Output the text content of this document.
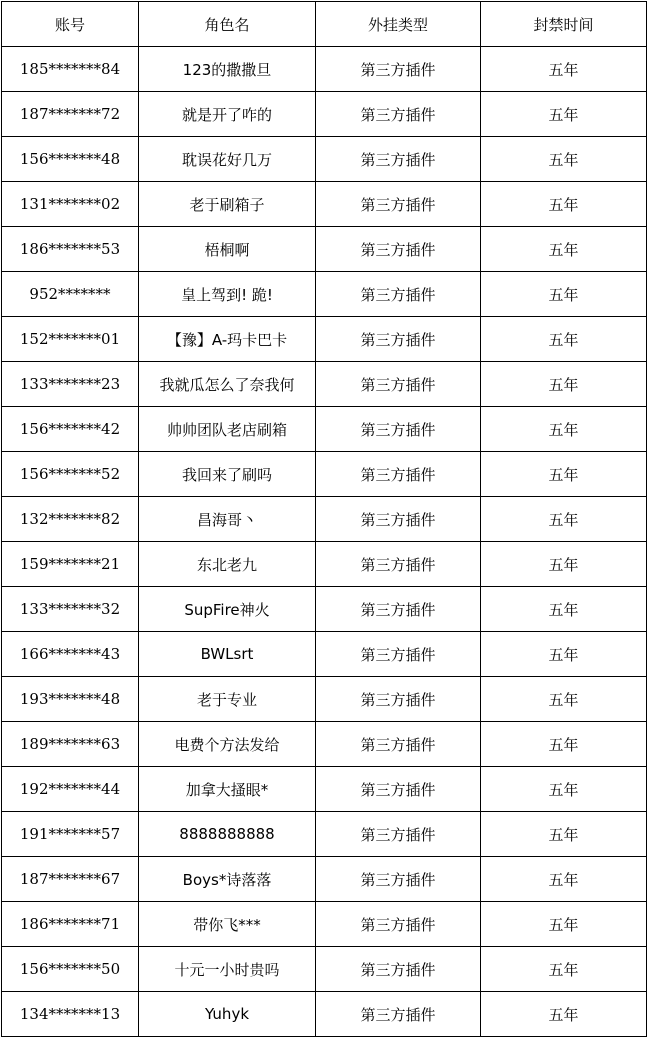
账号	角色名	外挂类型	封禁时间
185*******84	123的撒撒旦	第三方插件	五年
187*******72	就是开了咋的	第三方插件	五年
156*******48	耽误花好几万	第三方插件	五年
131*******02	老于刷箱子	第三方插件	五年
186*******53	梧桐啊	第三方插件	五年
952*******	皇上驾到! 跪!	第三方插件	五年
152*******01	【豫】A-玛卡巴卡	第三方插件	五年
133*******23	我就瓜怎么了奈我何	第三方插件	五年
156*******42	帅帅团队老店刷箱	第三方插件	五年
156*******52	我回来了刷吗	第三方插件	五年
132*******82	昌海哥丶	第三方插件	五年
159*******21	东北老九	第三方插件	五年
133*******32	SupFire神火	第三方插件	五年
166*******43	BWLsrt	第三方插件	五年
193*******48	老于专业	第三方插件	五年
189*******63	电费个方法发给	第三方插件	五年
192*******44	加拿大搔眼*	第三方插件	五年
191*******57	8888888888	第三方插件	五年
187*******67	Boys*诗落落	第三方插件	五年
186*******71	带你飞***	第三方插件	五年
156*******50	十元一小时贵吗	第三方插件	五年
134*******13	Yuhyk	第三方插件	五年
